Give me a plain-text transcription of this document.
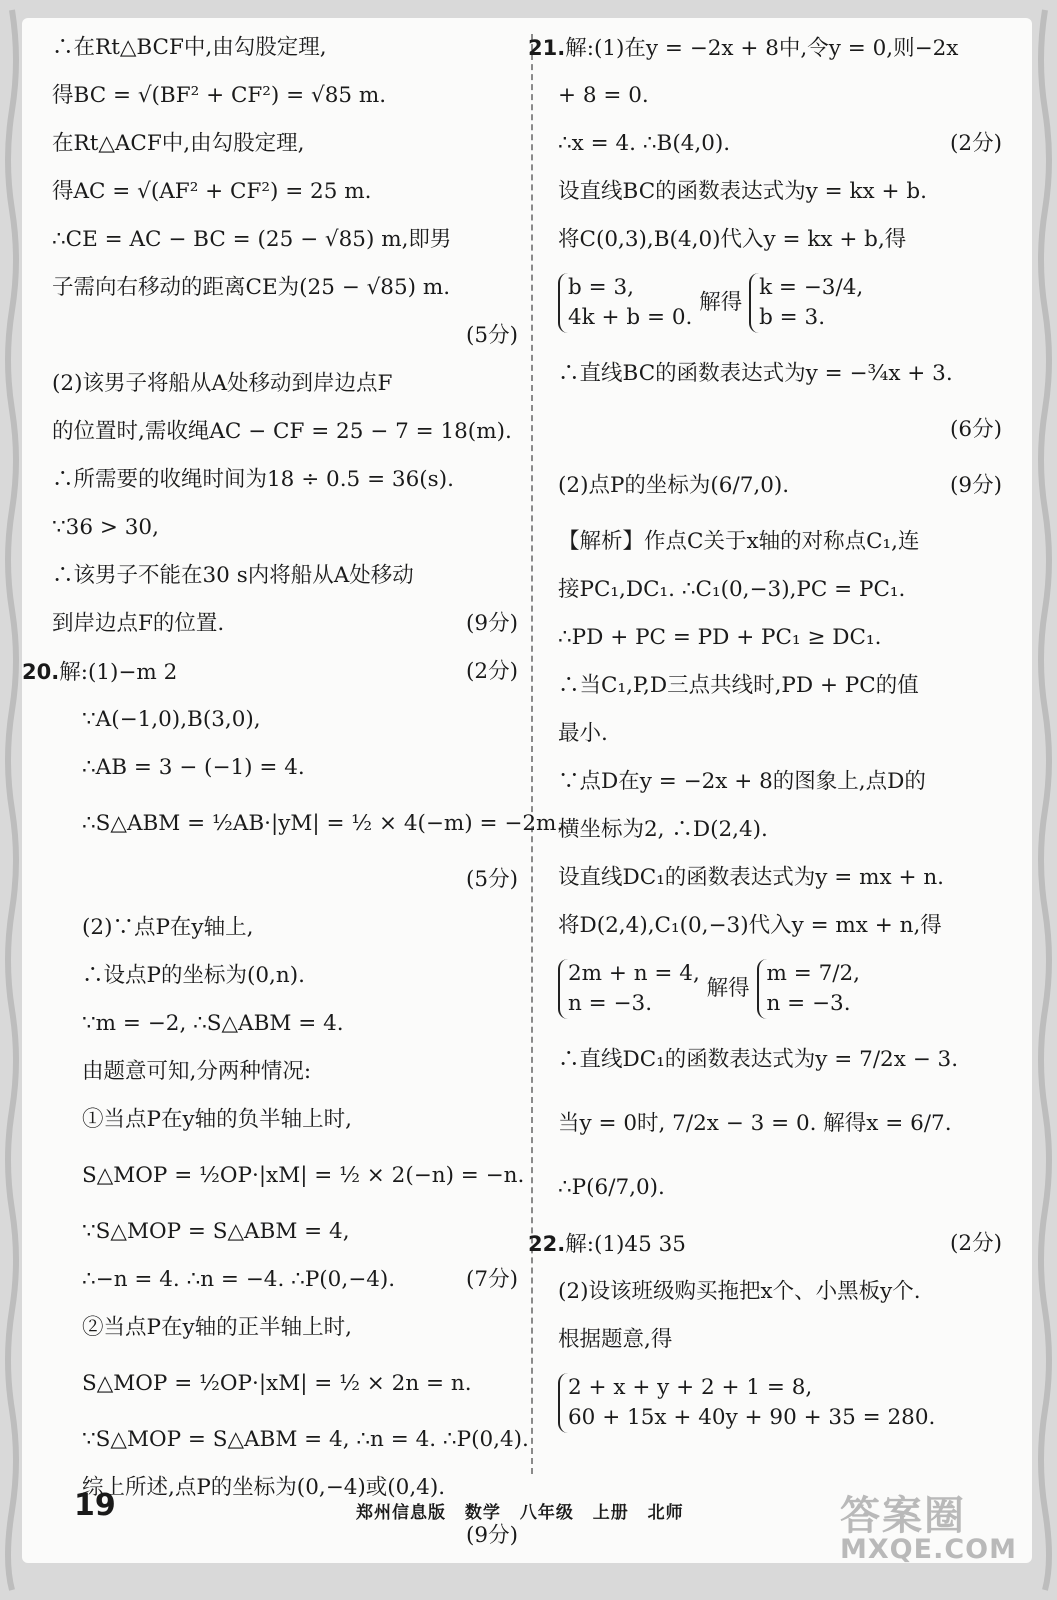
∴在Rt△BCF中,由勾股定理,
得BC = √(BF² + CF²) = √85 m.
在Rt△ACF中,由勾股定理,
得AC = √(AF² + CF²) = 25 m.
∴CE = AC − BC = (25 − √85) m,即男
子需向右移动的距离CE为(25 − √85) m.
(5分)
(2)该男子将船从A处移动到岸边点F
的位置时,需收绳AC − CF = 25 − 7 = 18(m).
∴所需要的收绳时间为18 ÷ 0.5 = 36(s).
∵36 > 30,
∴该男子不能在30 s内将船从A处移动
到岸边点F的位置.	(9分)
20.解:(1)−m 2	(2分)
∵A(−1,0),B(3,0),
∴AB = 3 − (−1) = 4.
∴S△ABM = ½AB·|yM| = ½ × 4(−m) = −2m.
(5分)
(2)∵点P在y轴上,
∴设点P的坐标为(0,n).
∵m = −2, ∴S△ABM = 4.
由题意可知,分两种情况:
①当点P在y轴的负半轴上时,
S△MOP = ½OP·|xM| = ½ × 2(−n) = −n.
∵S△MOP = S△ABM = 4,
∴−n = 4. ∴n = −4. ∴P(0,−4).	(7分)
②当点P在y轴的正半轴上时,
S△MOP = ½OP·|xM| = ½ × 2n = n.
∵S△MOP = S△ABM = 4, ∴n = 4. ∴P(0,4).
综上所述,点P的坐标为(0,−4)或(0,4).
(9分)
21.解:(1)在y = −2x + 8中,令y = 0,则−2x
+ 8 = 0.
∴x = 4. ∴B(4,0).	(2分)
设直线BC的函数表达式为y = kx + b.
将C(0,3),B(4,0)代入y = kx + b,得
b = 3,
4k + b = 0. 解得 k = −3/4,
b = 3.
∴直线BC的函数表达式为y = −¾x + 3.
(6分)
(2)点P的坐标为(6/7,0).	(9分)
【解析】作点C关于x轴的对称点C₁,连
接PC₁,DC₁. ∴C₁(0,−3),PC = PC₁.
∴PD + PC = PD + PC₁ ≥ DC₁.
∴当C₁,P,D三点共线时,PD + PC的值
最小.
∵点D在y = −2x + 8的图象上,点D的
横坐标为2, ∴D(2,4).
设直线DC₁的函数表达式为y = mx + n.
将D(2,4),C₁(0,−3)代入y = mx + n,得
2m + n = 4,
n = −3. 解得 m = 7/2,
n = −3.
∴直线DC₁的函数表达式为y = 7/2x − 3.
当y = 0时, 7/2x − 3 = 0. 解得x = 6/7.
∴P(6/7,0).
22.解:(1)45 35	(2分)
(2)设该班级购买拖把x个、小黑板y个.
根据题意,得
2 + x + y + 2 + 1 = 8,
60 + 15x + 40y + 90 + 35 = 280.
19	郑州信息版 数学 八年级 上册 北师	答案圈
MXQE.COM
